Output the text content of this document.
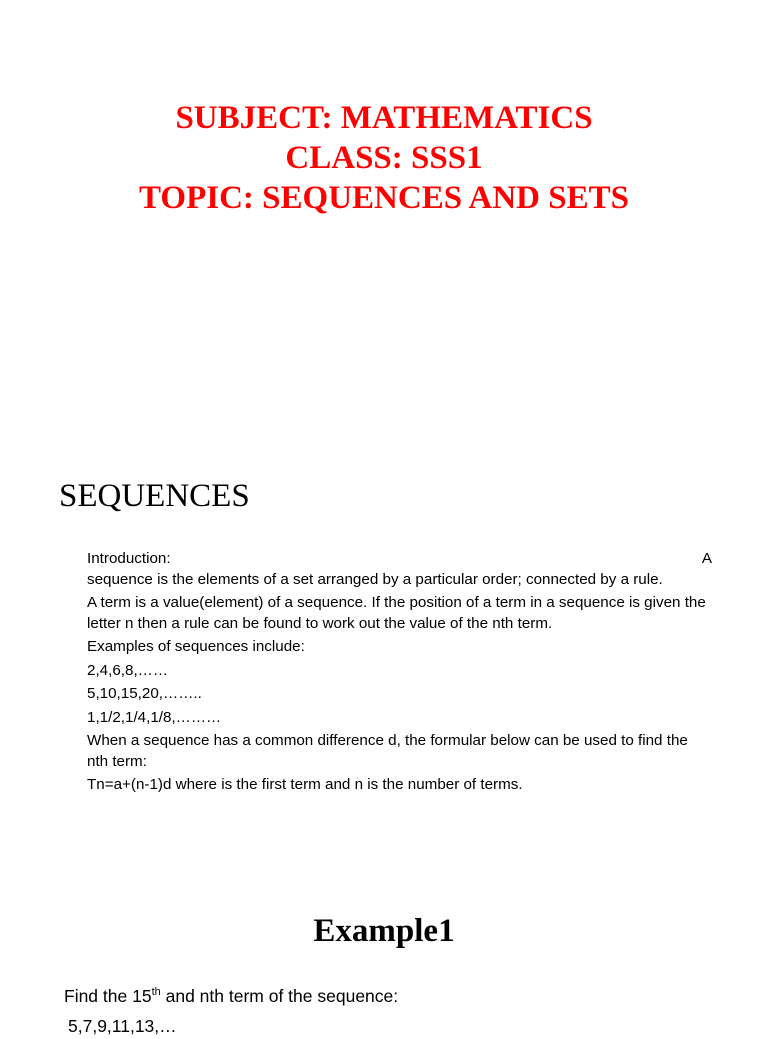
SUBJECT: MATHEMATICS
CLASS: SSS1
TOPIC: SEQUENCES AND SETS
SEQUENCES
Introduction:	A

sequence is the elements of a set arranged by a particular order; connected by a rule.

A term is a value(element) of a sequence. If the position of a term in a sequence is given the letter n then a rule can be found to work out the value of the nth term.

Examples of sequences include:

2,4,6,8,……

5,10,15,20,……..

1,1/2,1/4,1/8,………

When a sequence has a common difference d, the formular below can be used to find the nth term:

Tn=a+(n-1)d where is the first term and n is the number of terms.

Example1

Find the 15th and nth term of the sequence:

5,7,9,11,13,…
